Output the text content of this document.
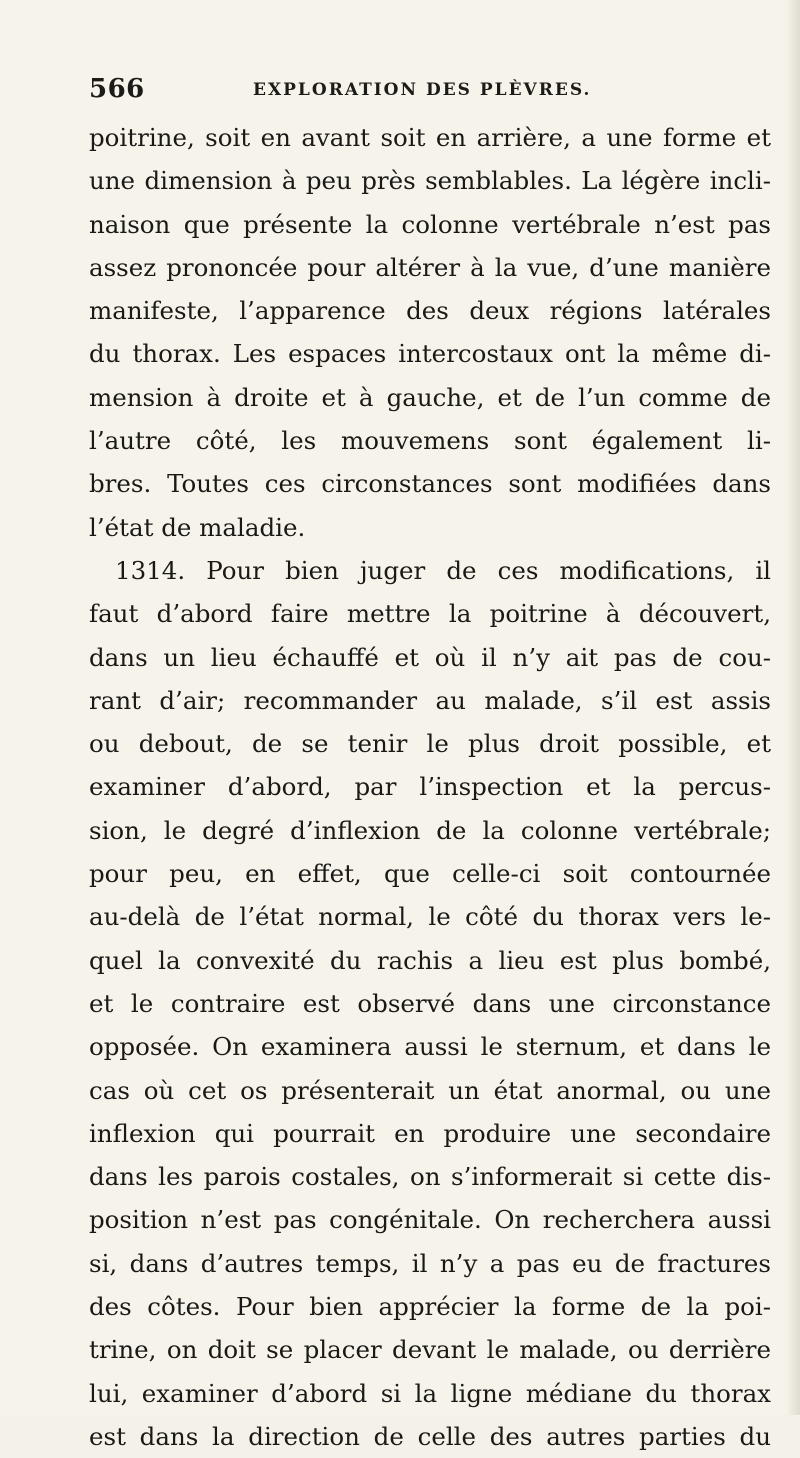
566	EXPLORATION DES PLÈVRES.
poitrine, soit en avant soit en arrière, a une forme et
une dimension à peu près semblables. La légère incli-
naison que présente la colonne vertébrale n’est pas
assez prononcée pour altérer à la vue, d’une manière
manifeste, l’apparence des deux régions latérales
du thorax. Les espaces intercostaux ont la même di-
mension à droite et à gauche, et de l’un comme de
l’autre côté, les mouvemens sont également li-
bres. Toutes ces circonstances sont modifiées dans
l’état de maladie.
1314. Pour bien juger de ces modifications, il
faut d’abord faire mettre la poitrine à découvert,
dans un lieu échauffé et où il n’y ait pas de cou-
rant d’air; recommander au malade, s’il est assis
ou debout, de se tenir le plus droit possible, et
examiner d’abord, par l’inspection et la percus-
sion, le degré d’inflexion de la colonne vertébrale;
pour peu, en effet, que celle-ci soit contournée
au-delà de l’état normal, le côté du thorax vers le-
quel la convexité du rachis a lieu est plus bombé,
et le contraire est observé dans une circonstance
opposée. On examinera aussi le sternum, et dans le
cas où cet os présenterait un état anormal, ou une
inflexion qui pourrait en produire une secondaire
dans les parois costales, on s’informerait si cette dis-
position n’est pas congénitale. On recherchera aussi
si, dans d’autres temps, il n’y a pas eu de fractures
des côtes. Pour bien apprécier la forme de la poi-
trine, on doit se placer devant le malade, ou derrière
lui, examiner d’abord si la ligne médiane du thorax
est dans la direction de celle des autres parties du
